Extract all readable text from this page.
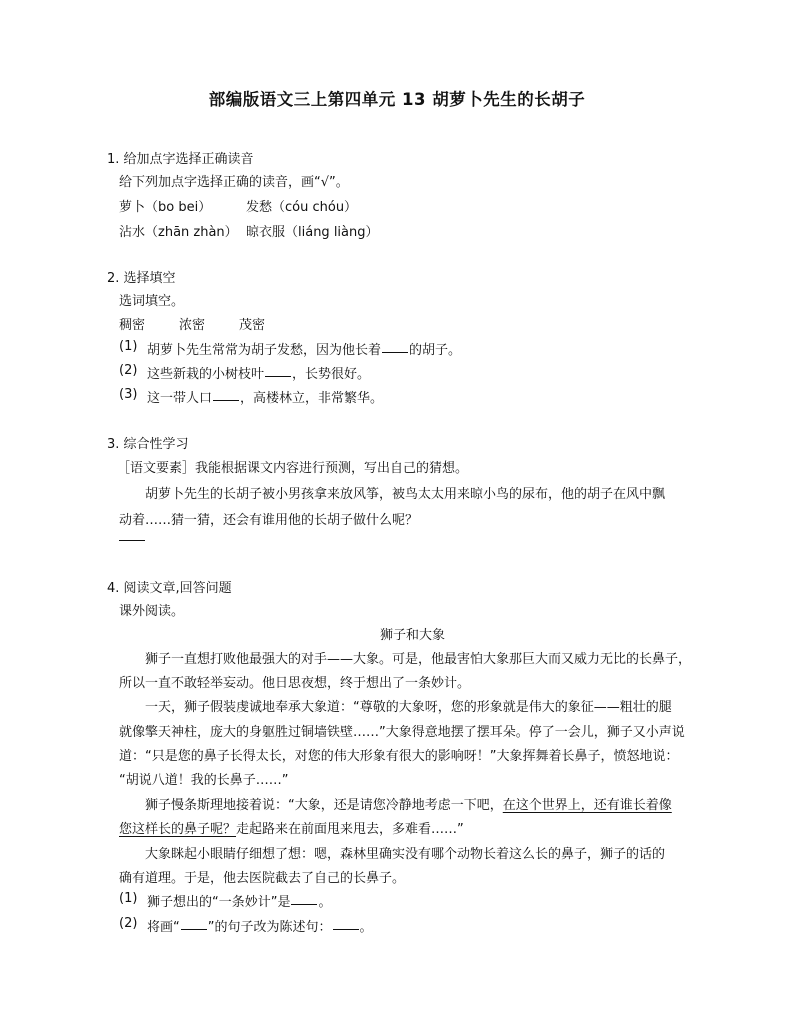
部编版语文三上第四单元 13 胡萝卜先生的长胡子
1. 给加点字选择正确读音
给下列加点字选择正确的读音，画“√”。
萝卜（bo bei）	发愁（cóu chóu）
沾水（zhān zhàn） 晾衣服（liáng liàng）
2. 选择填空
选词填空。
稠密	浓密	茂密
(1) 胡萝卜先生常常为胡子发愁，因为他长着 的胡子。
(2) 这些新栽的小树枝叶 ，长势很好。
(3) 这一带人口 ，高楼林立，非常繁华。
3. 综合性学习
［语文要素］我能根据课文内容进行预测，写出自己的猜想。
胡萝卜先生的长胡子被小男孩拿来放风筝，被鸟太太用来晾小鸟的尿布，他的胡子在风中飘
动着……猜一猜，还会有谁用他的长胡子做什么呢？
4. 阅读文章,回答问题
课外阅读。
狮子和大象
狮子一直想打败他最强大的对手——大象。可是，他最害怕大象那巨大而又威力无比的长鼻子，
所以一直不敢轻举妄动。他日思夜想，终于想出了一条妙计。
一天，狮子假装虔诚地奉承大象道：“尊敬的大象呀，您的形象就是伟大的象征——粗壮的腿
就像擎天神柱，庞大的身躯胜过铜墙铁壁……”大象得意地摆了摆耳朵。停了一会儿，狮子又小声说
道：“只是您的鼻子长得太长，对您的伟大形象有很大的影响呀！”大象挥舞着长鼻子，愤怒地说：
“胡说八道！我的长鼻子……”
狮子慢条斯理地接着说：“大象，还是请您冷静地考虑一下吧，在这个世界上，还有谁长着像
您这样长的鼻子呢？走起路来在前面甩来甩去，多难看……”
大象眯起小眼睛仔细想了想：嗯，森林里确实没有哪个动物长着这么长的鼻子，狮子的话的
确有道理。于是，他去医院截去了自己的长鼻子。
(1) 狮子想出的“一条妙计”是 。
(2) 将画“ ”的句子改为陈述句： 。
